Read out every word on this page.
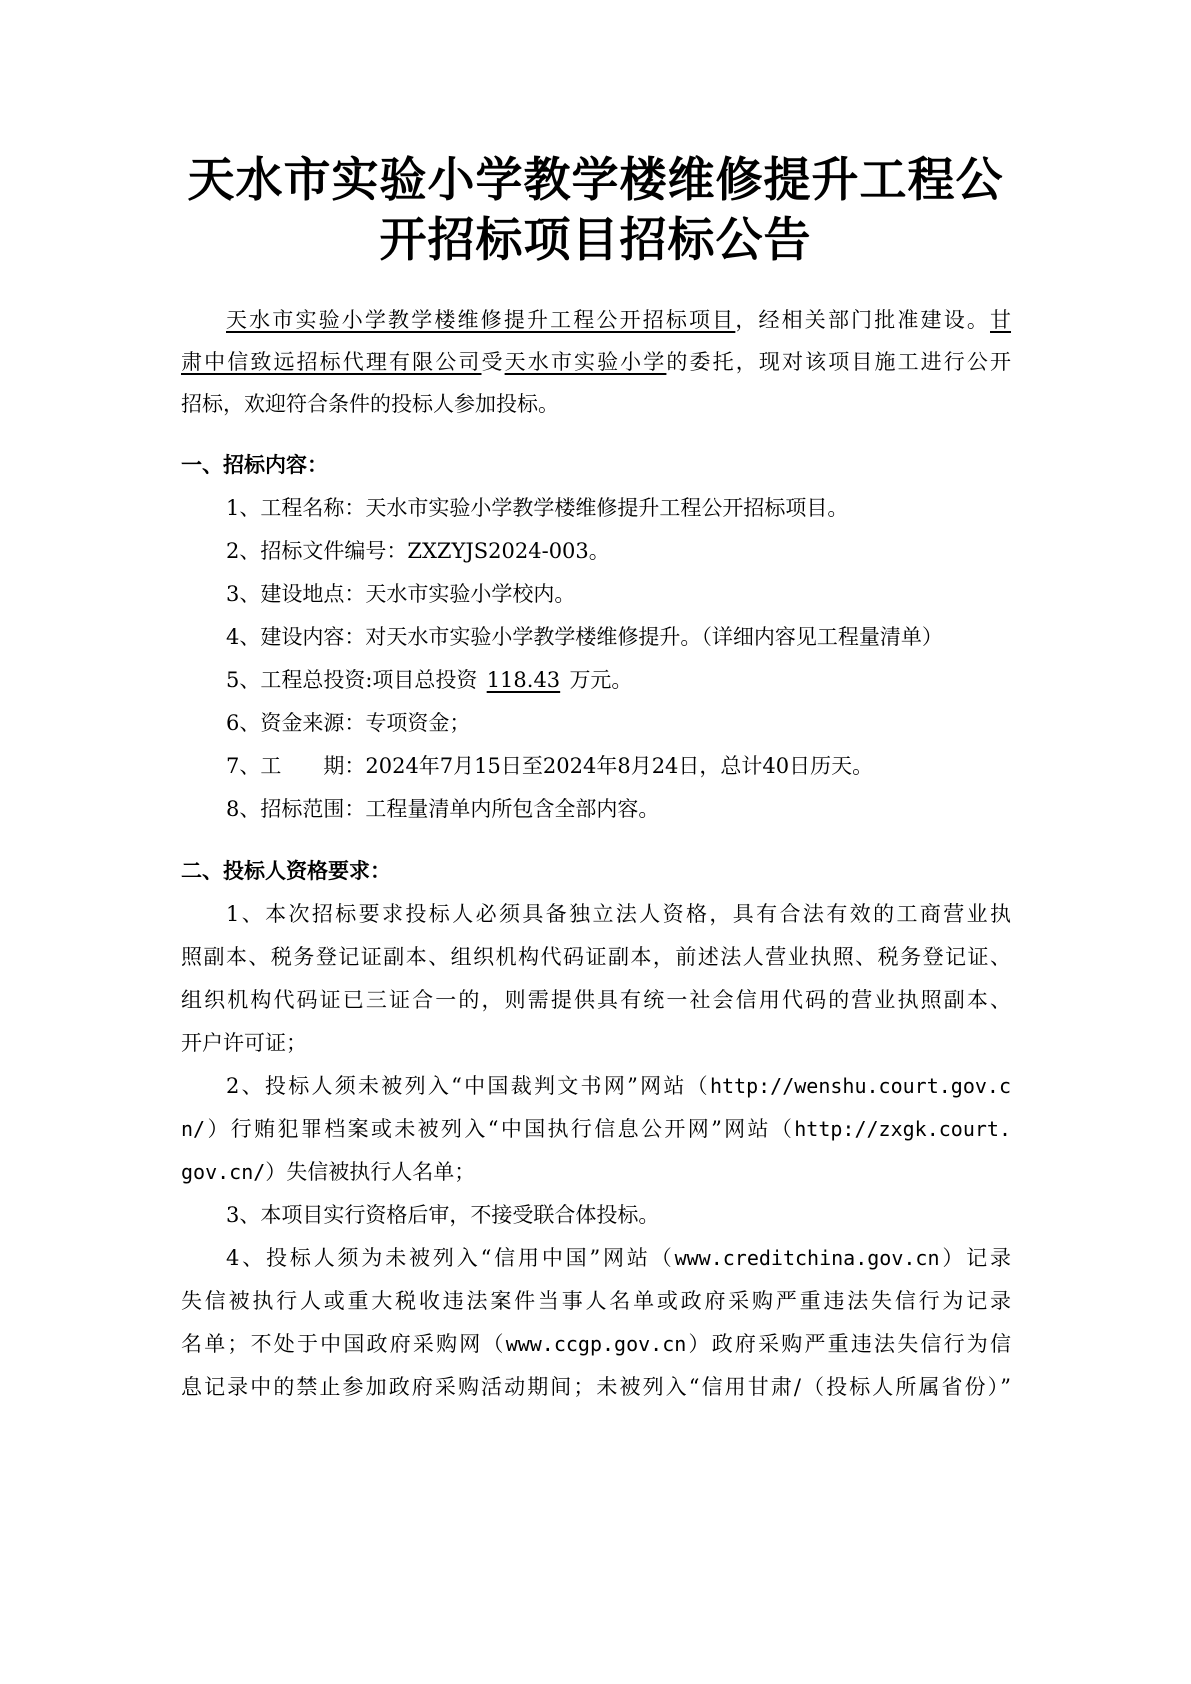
天水市实验小学教学楼维修提升工程公
开招标项目招标公告
天水市实验小学教学楼维修提升工程公开招标项目，经相关部门批准建设。甘
肃中信致远招标代理有限公司受天水市实验小学的委托，现对该项目施工进行公开
招标，欢迎符合条件的投标人参加投标。
一、招标内容：
1、工程名称：天水市实验小学教学楼维修提升工程公开招标项目。
2、招标文件编号：ZXZYJS2024-003。
3、建设地点：天水市实验小学校内。
4、建设内容：对天水市实验小学教学楼维修提升。（详细内容见工程量清单）
5、工程总投资:项目总投资 118.43 万元。
6、资金来源：专项资金；
7、工　　期：2024年7月15日至2024年8月24日，总计40日历天。
8、招标范围：工程量清单内所包含全部内容。
二、投标人资格要求：
1、本次招标要求投标人必须具备独立法人资格，具有合法有效的工商营业执
照副本、税务登记证副本、组织机构代码证副本，前述法人营业执照、税务登记证、
组织机构代码证已三证合一的，则需提供具有统一社会信用代码的营业执照副本、
开户许可证；
2、投标人须未被列入“中国裁判文书网”网站（http://wenshu.court.gov.c
n/）行贿犯罪档案或未被列入“中国执行信息公开网”网站（http://zxgk.court.
gov.cn/）失信被执行人名单；
3、本项目实行资格后审，不接受联合体投标。
4、投标人须为未被列入“信用中国”网站（www.creditchina.gov.cn）记录
失信被执行人或重大税收违法案件当事人名单或政府采购严重违法失信行为记录
名单；不处于中国政府采购网（www.ccgp.gov.cn）政府采购严重违法失信行为信
息记录中的禁止参加政府采购活动期间；未被列入“信用甘肃/（投标人所属省份）”
